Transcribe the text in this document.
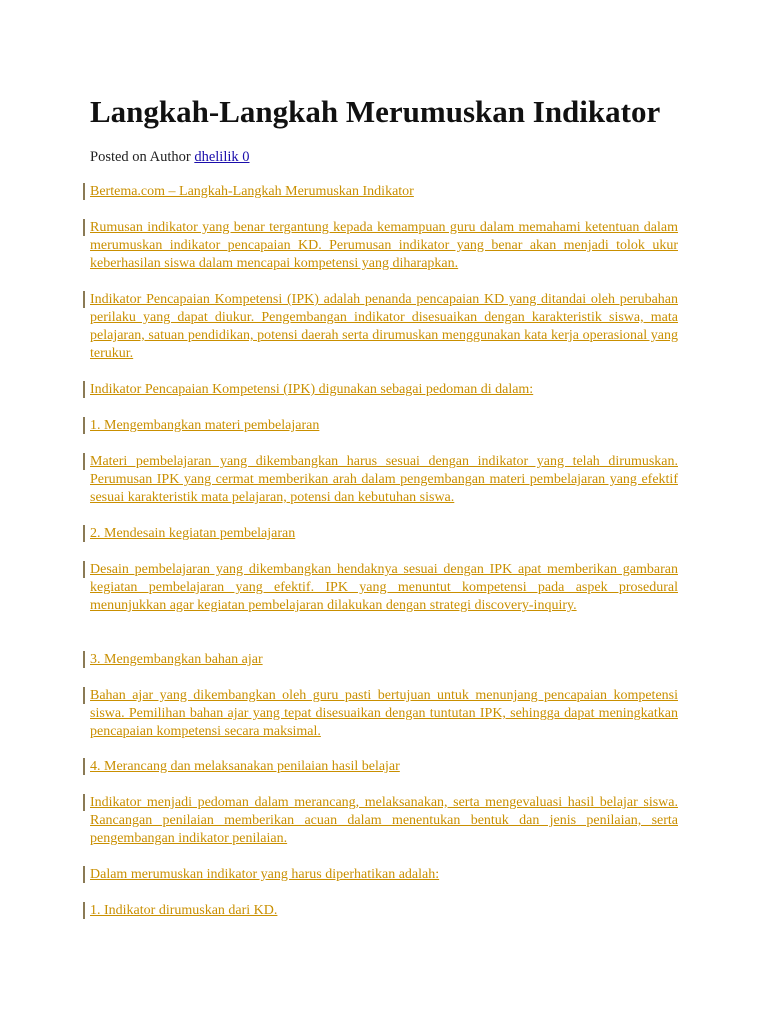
Langkah-Langkah Merumuskan Indikator
Posted on Author dhelilik 0

Bertema.com – Langkah-Langkah Merumuskan Indikator

Rumusan indikator yang benar tergantung kepada kemampuan guru dalam memahami ketentuan dalam merumuskan indikator pencapaian KD. Perumusan indikator yang benar akan menjadi tolok ukur keberhasilan siswa dalam mencapai kompetensi yang diharapkan.

Indikator Pencapaian Kompetensi (IPK) adalah penanda pencapaian KD yang ditandai oleh perubahan perilaku yang dapat diukur. Pengembangan indikator disesuaikan dengan karakteristik siswa, mata pelajaran, satuan pendidikan, potensi daerah serta dirumuskan menggunakan kata kerja operasional yang terukur.

Indikator Pencapaian Kompetensi (IPK) digunakan sebagai pedoman di dalam:

1. Mengembangkan materi pembelajaran

Materi pembelajaran yang dikembangkan harus sesuai dengan indikator yang telah dirumuskan. Perumusan IPK yang cermat memberikan arah dalam pengembangan materi pembelajaran yang efektif sesuai karakteristik mata pelajaran, potensi dan kebutuhan siswa.

2. Mendesain kegiatan pembelajaran

Desain pembelajaran yang dikembangkan hendaknya sesuai dengan IPK apat memberikan gambaran kegiatan pembelajaran yang efektif. IPK yang menuntut kompetensi pada aspek prosedural menunjukkan agar kegiatan pembelajaran dilakukan dengan strategi discovery-inquiry.

3. Mengembangkan bahan ajar

Bahan ajar yang dikembangkan oleh guru pasti bertujuan untuk menunjang pencapaian kompetensi siswa. Pemilihan bahan ajar yang tepat disesuaikan dengan tuntutan IPK, sehingga dapat meningkatkan pencapaian kompetensi secara maksimal.

4. Merancang dan melaksanakan penilaian hasil belajar

Indikator menjadi pedoman dalam merancang, melaksanakan, serta mengevaluasi hasil belajar siswa. Rancangan penilaian memberikan acuan dalam menentukan bentuk dan jenis penilaian, serta pengembangan indikator penilaian.

Dalam merumuskan indikator yang harus diperhatikan adalah:

1. Indikator dirumuskan dari KD.
